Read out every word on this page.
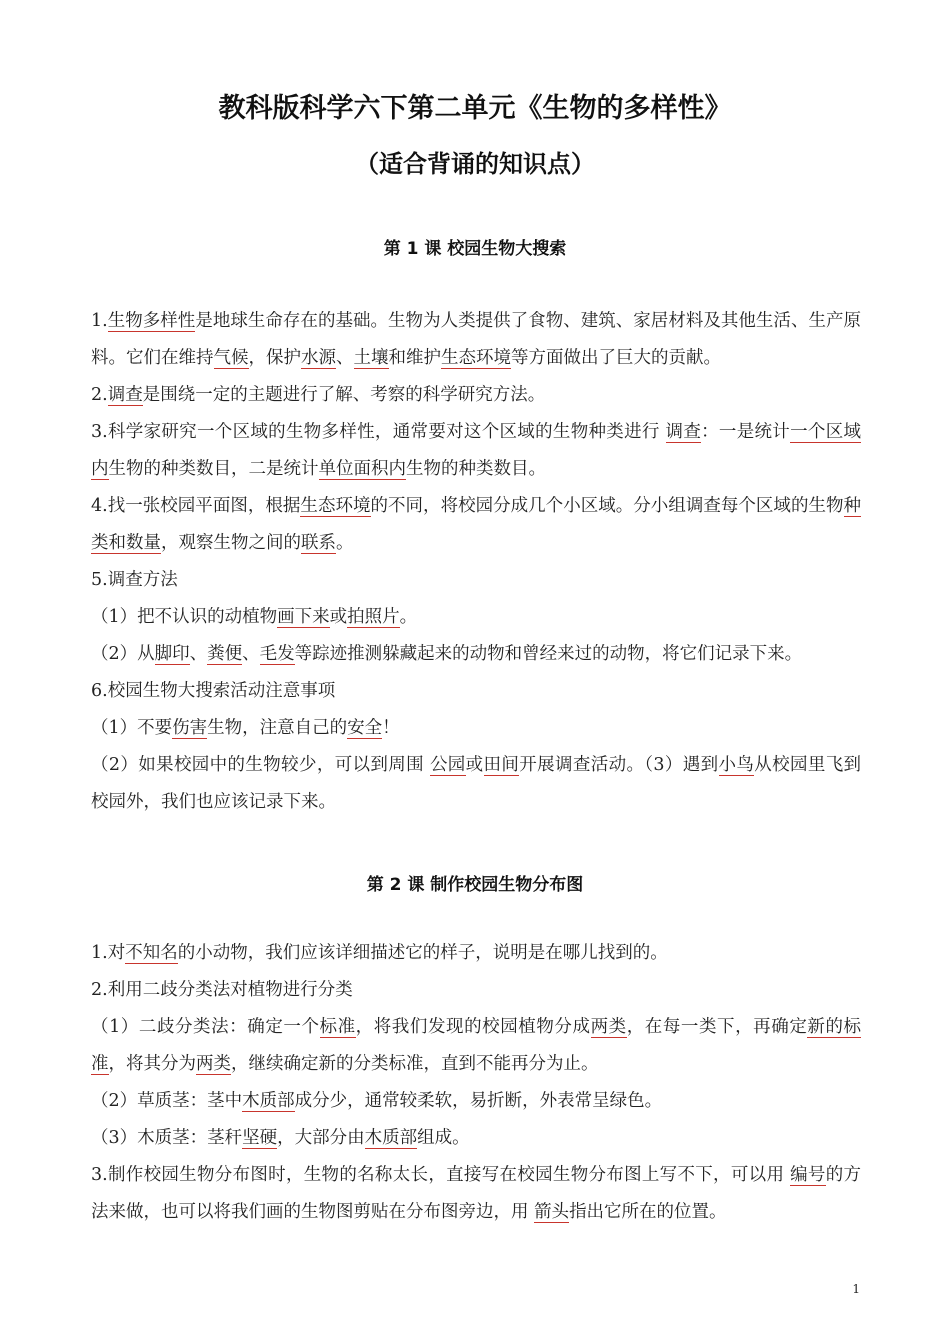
教科版科学六下第二单元《生物的多样性》
（适合背诵的知识点）
第 1 课 校园生物大搜索

1.生物多样性是地球生命存在的基础。生物为人类提供了食物、建筑、家居材料及其他生活、生产原料。它们在维持气候，保护水源、土壤和维护生态环境等方面做出了巨大的贡献。

2.调查是围绕一定的主题进行了解、考察的科学研究方法。

3.科学家研究一个区域的生物多样性，通常要对这个区域的生物种类进行 调查：一是统计一个区域内生物的种类数目，二是统计单位面积内生物的种类数目。

4.找一张校园平面图，根据生态环境的不同，将校园分成几个小区域。分小组调查每个区域的生物种类和数量，观察生物之间的联系。

5.调查方法

（1）把不认识的动植物画下来或拍照片。

（2）从脚印、粪便、毛发等踪迹推测躲藏起来的动物和曾经来过的动物，将它们记录下来。

6.校园生物大搜索活动注意事项

（1）不要伤害生物，注意自己的安全！

（2）如果校园中的生物较少，可以到周围 公园或田间开展调查活动。（3）遇到小鸟从校园里飞到校园外，我们也应该记录下来。

第 2 课 制作校园生物分布图

1.对不知名的小动物，我们应该详细描述它的样子，说明是在哪儿找到的。

2.利用二歧分类法对植物进行分类

（1）二歧分类法：确定一个标准，将我们发现的校园植物分成两类，在每一类下，再确定新的标准，将其分为两类，继续确定新的分类标准，直到不能再分为止。

（2）草质茎：茎中木质部成分少，通常较柔软，易折断，外表常呈绿色。

（3）木质茎：茎秆坚硬，大部分由木质部组成。

3.制作校园生物分布图时，生物的名称太长，直接写在校园生物分布图上写不下，可以用 编号的方法来做，也可以将我们画的生物图剪贴在分布图旁边，用 箭头指出它所在的位置。

1
